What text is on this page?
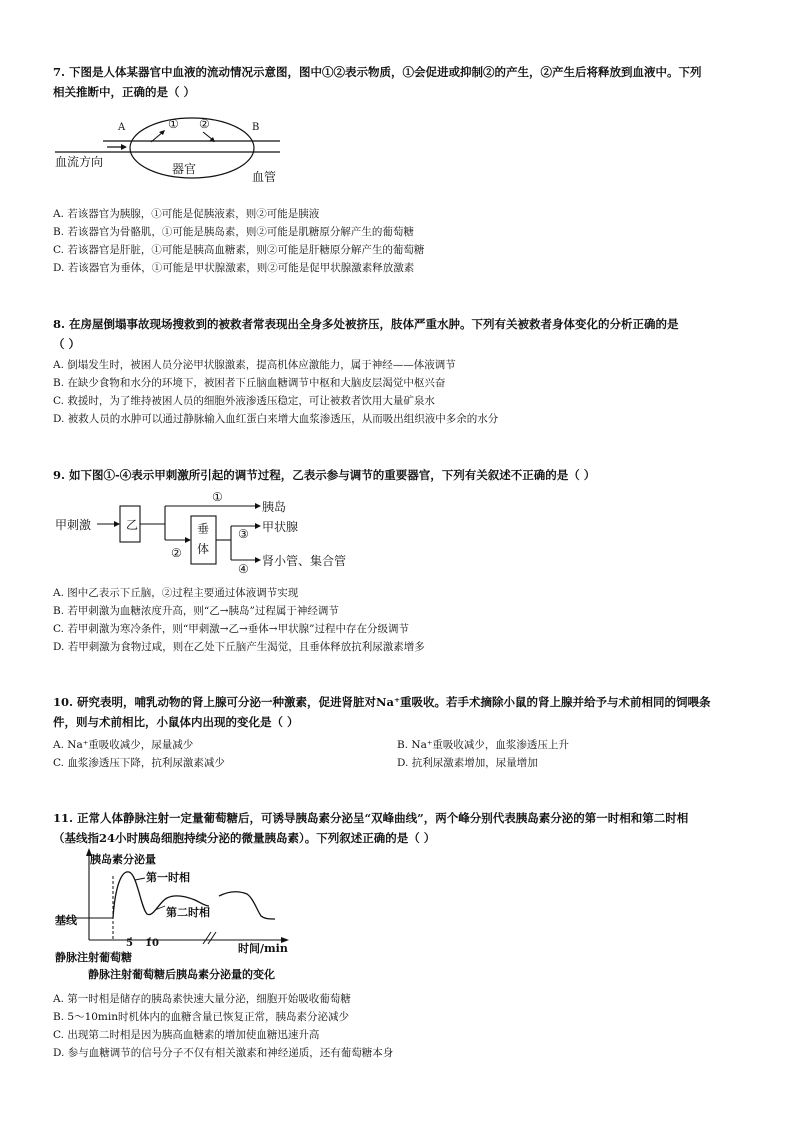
7. 下图是人体某器官中血液的流动情况示意图，图中①②表示物质，①会促进或抑制②的产生，②产生后将释放到血液中。下列
相关推断中，正确的是（ ）
A	B
① ②
器官
血流方向
血管
A. 若该器官为胰腺，①可能是促胰液素，则②可能是胰液
B. 若该器官为骨骼肌，①可能是胰岛素，则②可能是肌糖原分解产生的葡萄糖
C. 若该器官是肝脏，①可能是胰高血糖素，则②可能是肝糖原分解产生的葡萄糖
D. 若该器官为垂体，①可能是甲状腺激素，则②可能是促甲状腺激素释放激素
8. 在房屋倒塌事故现场搜救到的被救者常表现出全身多处被挤压，肢体严重水肿。下列有关被救者身体变化的分析正确的是
（ ）
A. 倒塌发生时，被困人员分泌甲状腺激素，提高机体应激能力，属于神经——体液调节
B. 在缺少食物和水分的环境下，被困者下丘脑血糖调节中枢和大脑皮层渴觉中枢兴奋
C. 救援时，为了维持被困人员的细胞外液渗透压稳定，可让被救者饮用大量矿泉水
D. 被救人员的水肿可以通过静脉输入血红蛋白来增大血浆渗透压，从而吸出组织液中多余的水分
9. 如下图①-④表示甲刺激所引起的调节过程，乙表示参与调节的重要器官，下列有关叙述不正确的是（ ）
甲刺激	乙	垂
体
①
②
③
④
胰岛
甲状腺
肾小管、集合管
A. 图中乙表示下丘脑，②过程主要通过体液调节实现
B. 若甲刺激为血糖浓度升高，则“乙→胰岛”过程属于神经调节
C. 若甲刺激为寒冷条件，则“甲刺激→乙→垂体→甲状腺”过程中存在分级调节
D. 若甲刺激为食物过咸，则在乙处下丘脑产生渴觉，且垂体释放抗利尿激素增多
10. 研究表明，哺乳动物的肾上腺可分泌一种激素，促进肾脏对Na⁺重吸收。若手术摘除小鼠的肾上腺并给予与术前相同的饲喂条
件，则与术前相比，小鼠体内出现的变化是（ ）
A. Na⁺重吸收减少，尿量减少	B. Na⁺重吸收减少，血浆渗透压上升
C. 血浆渗透压下降，抗利尿激素减少	D. 抗利尿激素增加，尿量增加
11. 正常人体静脉注射一定量葡萄糖后，可诱导胰岛素分泌呈“双峰曲线”，两个峰分别代表胰岛素分泌的第一时相和第二时相
（基线指24小时胰岛细胞持续分泌的微量胰岛素）。下列叙述正确的是（ ）
胰岛素分泌量
第一时相
第二时相
基线
5 10	时间/min
静脉注射葡萄糖
静脉注射葡萄糖后胰岛素分泌量的变化
A. 第一时相是储存的胰岛素快速大量分泌，细胞开始吸收葡萄糖
B. 5～10min时机体内的血糖含量已恢复正常，胰岛素分泌减少
C. 出现第二时相是因为胰高血糖素的增加使血糖迅速升高
D. 参与血糖调节的信号分子不仅有相关激素和神经递质，还有葡萄糖本身
